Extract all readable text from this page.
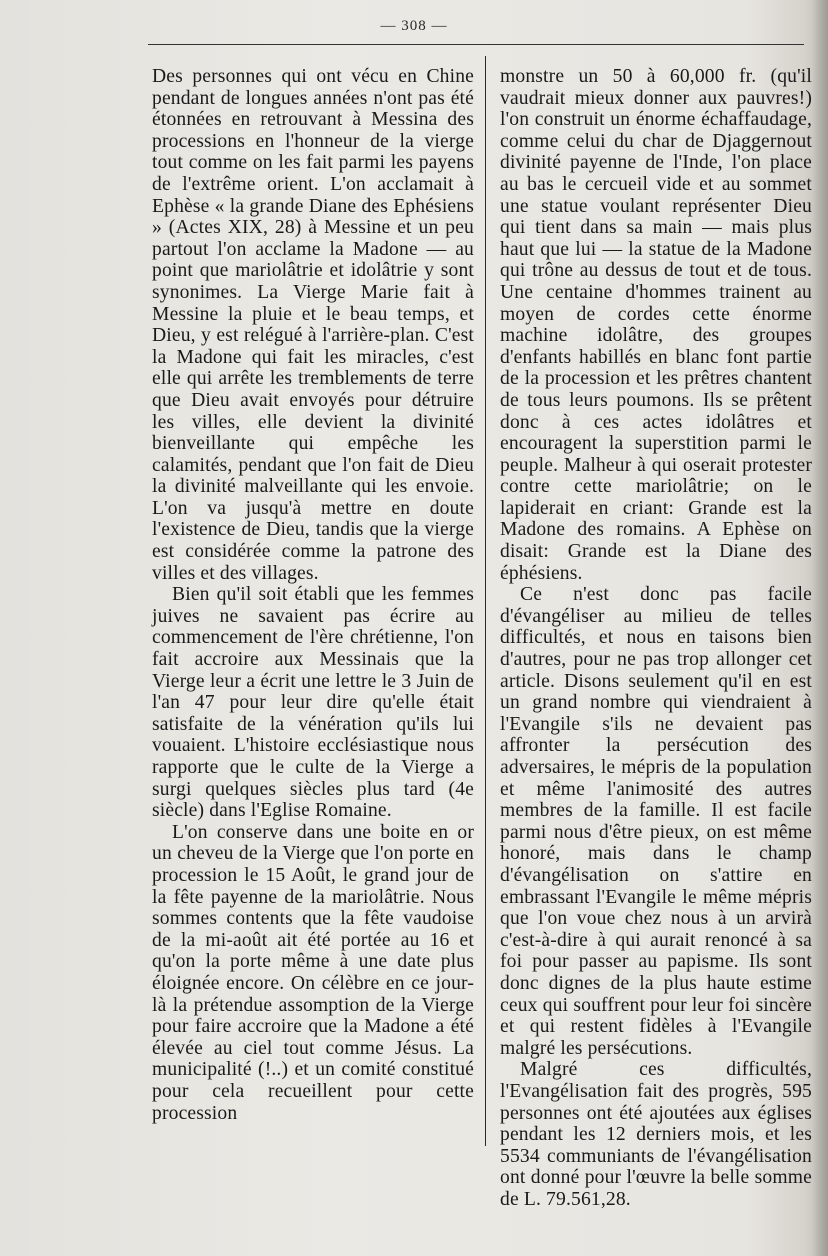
— 308 —

Des personnes qui ont vécu en Chine pendant de longues années n'ont pas été étonnées en retrouvant à Messina des processions en l'honneur de la vierge tout comme on les fait parmi les payens de l'extrême orient. L'on acclamait à Ephèse « la grande Diane des Ephésiens » (Actes XIX, 28) à Messine et un peu partout l'on acclame la Madone — au point que mariolâtrie et idolâtrie y sont synonimes. La Vierge Marie fait à Messine la pluie et le beau temps, et Dieu, y est relégué à l'arrière-plan. C'est la Madone qui fait les miracles, c'est elle qui arrête les tremblements de terre que Dieu avait envoyés pour détruire les villes, elle devient la divinité bienveillante qui empêche les calamités, pendant que l'on fait de Dieu la divinité malveillante qui les envoie. L'on va jusqu'à mettre en doute l'existence de Dieu, tandis que la vierge est considérée comme la patrone des villes et des villages.

Bien qu'il soit établi que les femmes juives ne savaient pas écrire au commencement de l'ère chrétienne, l'on fait accroire aux Messinais que la Vierge leur a écrit une lettre le 3 Juin de l'an 47 pour leur dire qu'elle était satisfaite de la vénération qu'ils lui vouaient. L'histoire ecclésiastique nous rapporte que le culte de la Vierge a surgi quelques siècles plus tard (4e siècle) dans l'Eglise Romaine.

L'on conserve dans une boite en or un cheveu de la Vierge que l'on porte en procession le 15 Août, le grand jour de la fête payenne de la mariolâtrie. Nous sommes contents que la fête vaudoise de la mi-août ait été portée au 16 et qu'on la porte même à une date plus éloignée encore. On célèbre en ce jour-là la prétendue assomption de la Vierge pour faire accroire que la Madone a été élevée au ciel tout comme Jésus. La municipalité (!..) et un comité constitué pour cela recueillent pour cette procession

monstre un 50 à 60,000 fr. (qu'il vaudrait mieux donner aux pauvres!) l'on construit un énorme échaffaudage, comme celui du char de Djaggernout divinité payenne de l'Inde, l'on place au bas le cercueil vide et au sommet une statue voulant représenter Dieu qui tient dans sa main — mais plus haut que lui — la statue de la Madone qui trône au dessus de tout et de tous. Une centaine d'hommes trainent au moyen de cordes cette énorme machine idolâtre, des groupes d'enfants habillés en blanc font partie de la procession et les prêtres chantent de tous leurs poumons. Ils se prêtent donc à ces actes idolâtres et encouragent la superstition parmi le peuple. Malheur à qui oserait protester contre cette mariolâtrie; on le lapiderait en criant: Grande est la Madone des romains. A Ephèse on disait: Grande est la Diane des éphésiens.

Ce n'est donc pas facile d'évangéliser au milieu de telles difficultés, et nous en taisons bien d'autres, pour ne pas trop allonger cet article. Disons seulement qu'il en est un grand nombre qui viendraient à l'Evangile s'ils ne devaient pas affronter la persécution des adversaires, le mépris de la population et même l'animosité des autres membres de la famille. Il est facile parmi nous d'être pieux, on est même honoré, mais dans le champ d'évangélisation on s'attire en embrassant l'Evangile le même mépris que l'on voue chez nous à un arvirà c'est-à-dire à qui aurait renoncé à sa foi pour passer au papisme. Ils sont donc dignes de la plus haute estime ceux qui souffrent pour leur foi sincère et qui restent fidèles à l'Evangile malgré les persécutions.

Malgré ces difficultés, l'Evangélisation fait des progrès, 595 personnes ont été ajoutées aux églises pendant les 12 derniers mois, et les 5534 communiants de l'évangélisation ont donné pour l'œuvre la belle somme de L. 79.561,28.
